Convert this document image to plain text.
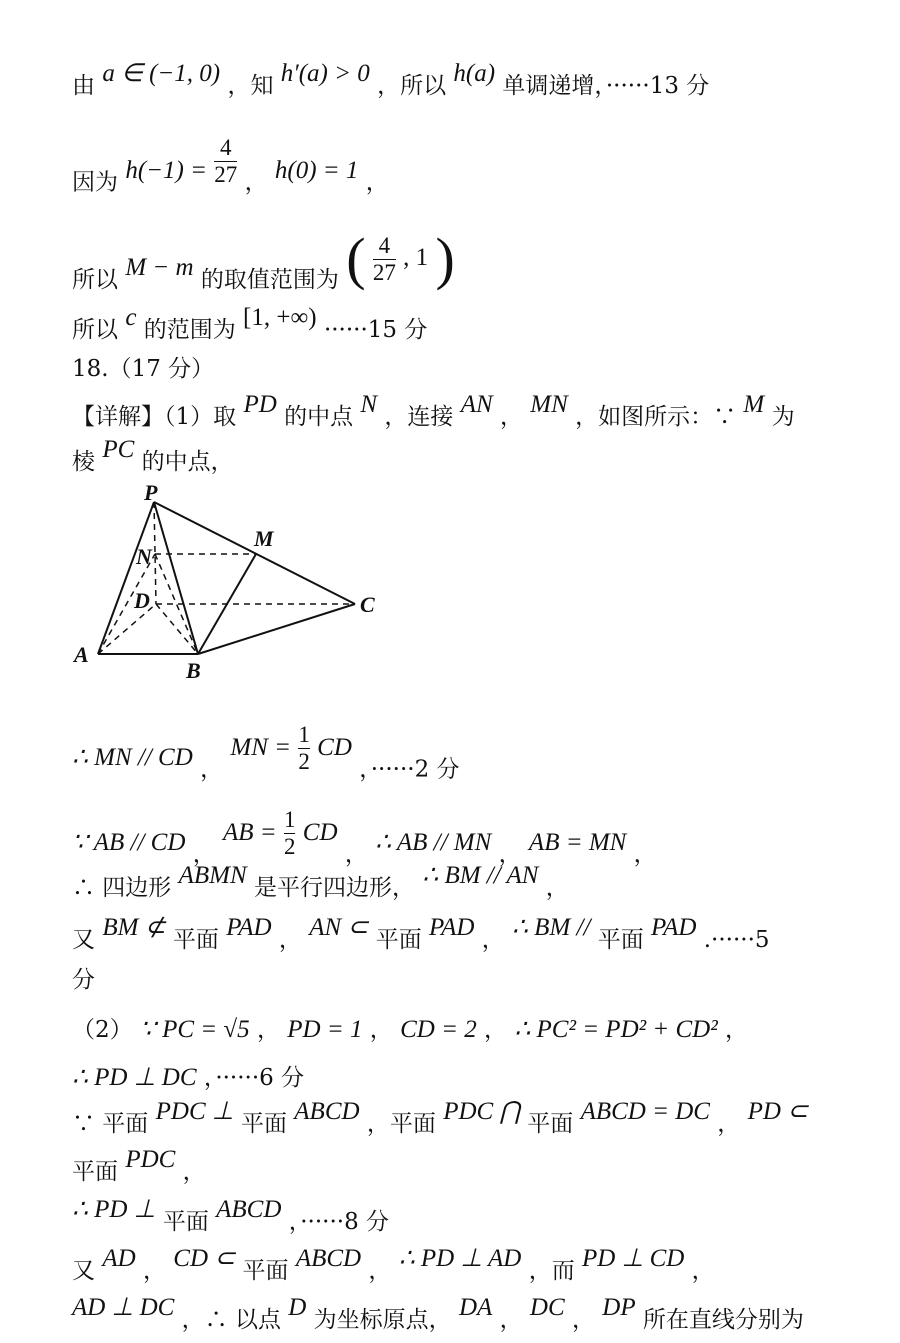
由 a ∈ (−1, 0) ，知 h′(a) > 0 ，所以 h(a) 单调递增，······13 分
因为 $h(-1) = \frac{4}{27}$ ， h(0) = 1 ，
所以 M − m 的取值范围为 ( $\frac{4}{27}$ , 1 )
所以 c 的范围为 [1, +∞) ······15 分
18.（17 分）
【详解】（1）取 PD 的中点 N ，连接 AN ， MN ，如图所示：∵ M 为
棱 PC 的中点，
P
M
N
D	C
A
B
∴ MN // CD ， MN = $\frac{1}{2}$ CD ，······2 分
∵ AB // CD ， AB = $\frac{1}{2}$ CD ， ∴ AB // MN ， AB = MN ，
∴ 四边形 ABMN 是平行四边形， ∴ BM // AN ，
又 BM ⊄ 平面 PAD ， AN ⊂ 平面 PAD ， ∴ BM // 平面 PAD .······5
分
（2） ∵ PC = √5 ， PD = 1 ， CD = 2 ， ∴ PC² = PD² + CD² ，
∴ PD ⊥ DC ，······6 分
∵ 平面 PDC ⊥ 平面 ABCD ，平面 PDC ⋂ 平面 ABCD = DC ， PD ⊂
平面 PDC ，
∴ PD ⊥ 平面 ABCD ，······8 分
又 AD ， CD ⊂ 平面 ABCD ， ∴ PD ⊥ AD ，而 PD ⊥ CD ，
AD ⊥ DC ，∴ 以点 D 为坐标原点， DA ， DC ， DP 所在直线分别为
